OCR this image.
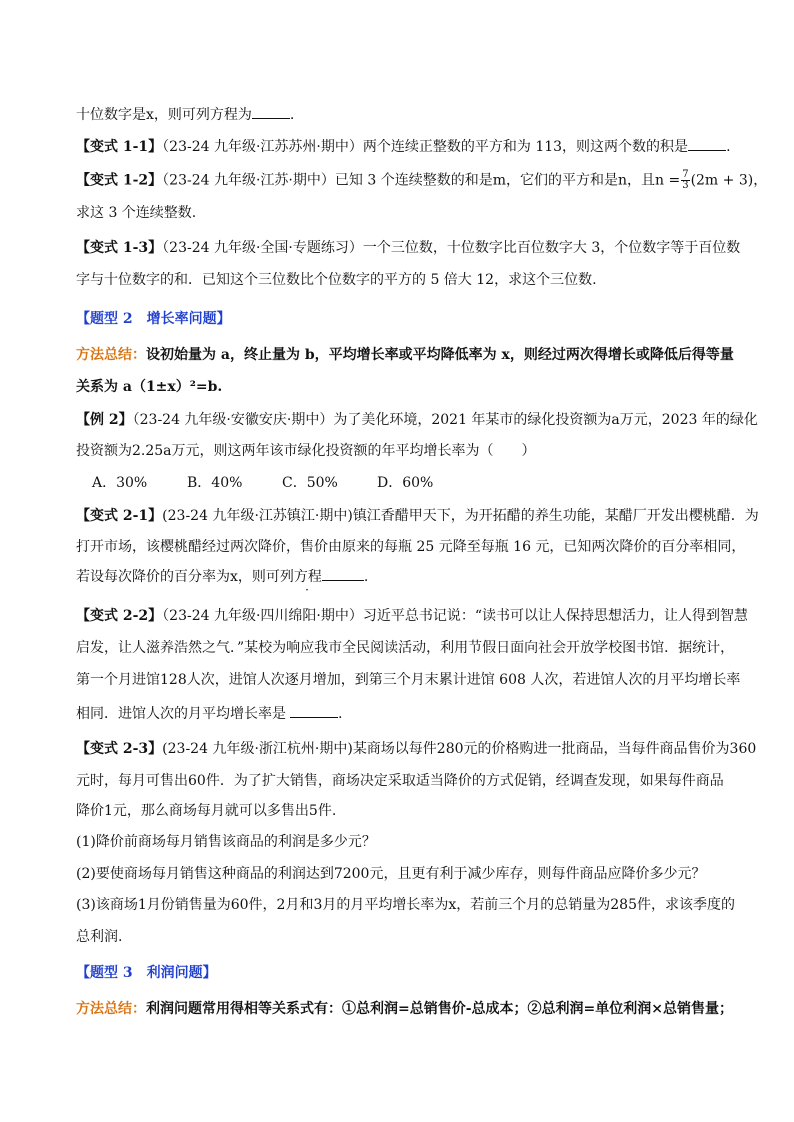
十位数字是x，则可列方程为	.
【变式 1-1】（23-24 九年级·江苏苏州·期中）两个连续正整数的平方和为 113，则这两个数的积是	.
【变式 1-2】（23-24 九年级·江苏·期中）已知 3 个连续整数的和是m，它们的平方和是n，且$n = \frac{7}{3} (2m + 3)$，
求这 3 个连续整数.
【变式 1-3】（23-24 九年级·全国·专题练习）一个三位数，十位数字比百位数字大 3，个位数字等于百位数
字与十位数字的和．已知这个三位数比个位数字的平方的 5 倍大 12，求这个三位数.
【题型 2　增长率问题】
方法总结：设初始量为 a，终止量为 b，平均增长率或平均降低率为 x，则经过两次得增长或降低后得等量
关系为 a（1±x）²=b.
【例 2】（23-24 九年级·安徽安庆·期中）为了美化环境，2021 年某市的绿化投资额为a万元，2023 年的绿化
投资额为2.25a万元，则这两年该市绿化投资额的年平均增长率为（　　）
A．30%	B．40%	C．50%	D．60%
【变式 2-1】(23-24 九年级·江苏镇江·期中)镇江香醋甲天下，为开拓醋的养生功能，某醋厂开发出樱桃醋．为
打开市场，该樱桃醋经过两次降价，售价由原来的每瓶 25 元降至每瓶 16 元，已知两次降价的百分率相同，
若设每次降价的百分率为x，则可列方程	.
【变式 2-2】（23-24 九年级·四川绵阳·期中）习近平总书记说：“读书可以让人保持思想活力，让人得到智慧
启发，让人滋养浩然之气．”某校为响应我市全民阅读活动，利用节假日面向社会开放学校图书馆．据统计，
第一个月进馆128人次，进馆人次逐月增加，到第三个月末累计进馆 608 人次，若进馆人次的月平均增长率
相同．进馆人次的月平均增长率是	.
【变式 2-3】(23-24 九年级·浙江杭州·期中)某商场以每件280元的价格购进一批商品，当每件商品售价为360
元时，每月可售出60件．为了扩大销售，商场决定采取适当降价的方式促销，经调查发现，如果每件商品
降价1元，那么商场每月就可以多售出5件.
(1)降价前商场每月销售该商品的利润是多少元？
(2)要使商场每月销售这种商品的利润达到7200元，且更有利于减少库存，则每件商品应降价多少元？
(3)该商场1月份销售量为60件，2月和3月的月平均增长率为x，若前三个月的总销量为285件，求该季度的
总利润.
【题型 3　利润问题】
方法总结：利润问题常用得相等关系式有：①总利润=总销售价-总成本；②总利润=单位利润×总销售量；
